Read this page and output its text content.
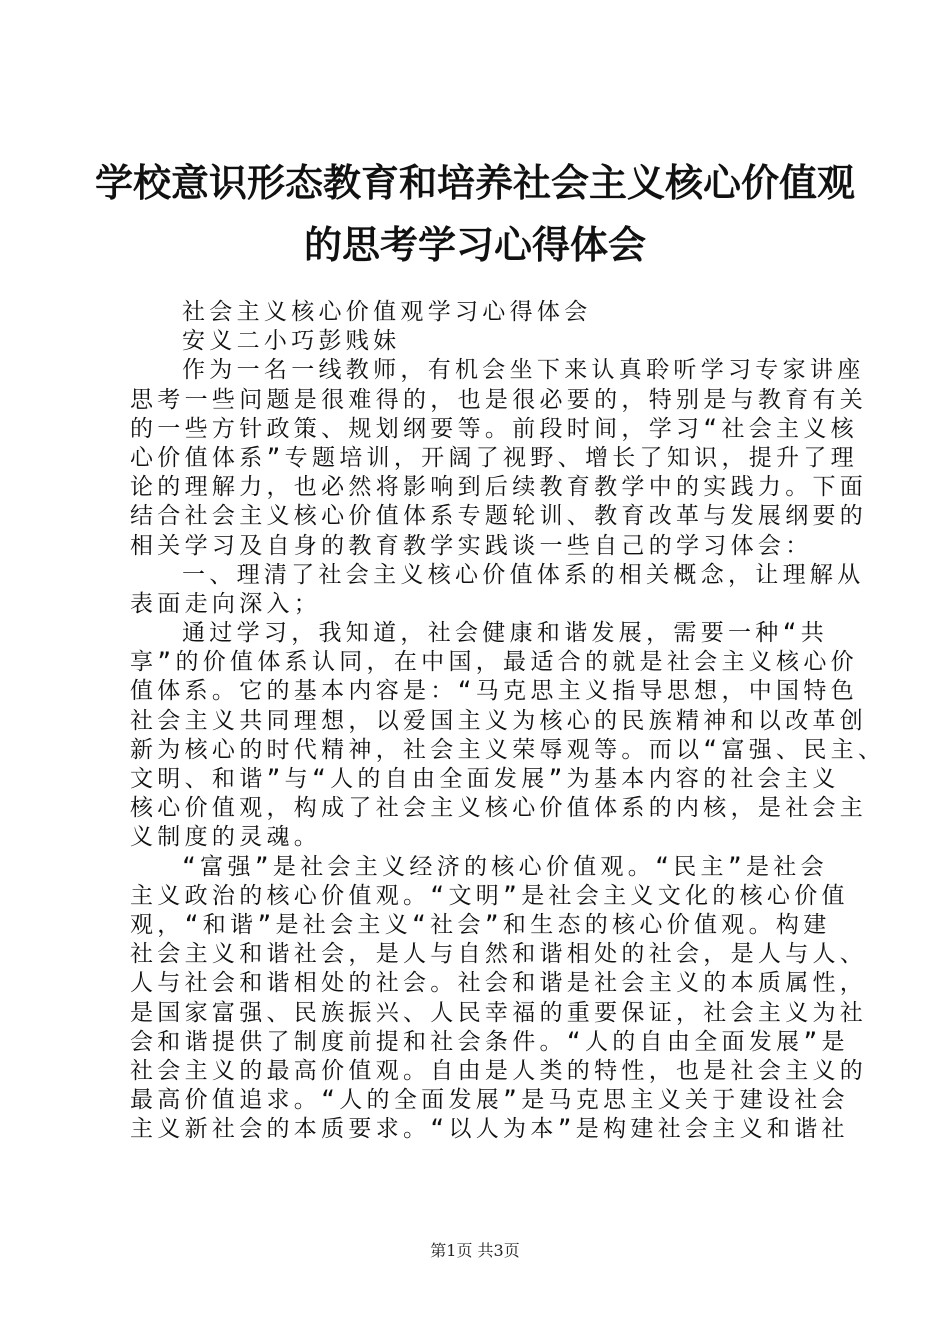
学校意识形态教育和培养社会主义核心价值观
的思考学习心得体会
社会主义核心价值观学习心得体会
安义二小巧彭贱妹
作为一名一线教师，有机会坐下来认真聆听学习专家讲座
思考一些问题是很难得的，也是很必要的，特别是与教育有关
的一些方针政策、规划纲要等。前段时间，学习“社会主义核
心价值体系”专题培训，开阔了视野、增长了知识，提升了理
论的理解力，也必然将影响到后续教育教学中的实践力。下面
结合社会主义核心价值体系专题轮训、教育改革与发展纲要的
相关学习及自身的教育教学实践谈一些自己的学习体会：
一、理清了社会主义核心价值体系的相关概念，让理解从
表面走向深入；
通过学习，我知道，社会健康和谐发展，需要一种“共
享”的价值体系认同，在中国，最适合的就是社会主义核心价
值体系。它的基本内容是：“马克思主义指导思想，中国特色
社会主义共同理想，以爱国主义为核心的民族精神和以改革创
新为核心的时代精神，社会主义荣辱观等。而以“富强、民主、
文明、和谐”与“人的自由全面发展”为基本内容的社会主义
核心价值观，构成了社会主义核心价值体系的内核，是社会主
义制度的灵魂。
“富强”是社会主义经济的核心价值观。“民主”是社会
主义政治的核心价值观。“文明”是社会主义文化的核心价值
观，“和谐”是社会主义“社会”和生态的核心价值观。构建
社会主义和谐社会，是人与自然和谐相处的社会，是人与人、
人与社会和谐相处的社会。社会和谐是社会主义的本质属性，
是国家富强、民族振兴、人民幸福的重要保证，社会主义为社
会和谐提供了制度前提和社会条件。“人的自由全面发展”是
社会主义的最高价值观。自由是人类的特性，也是社会主义的
最高价值追求。“人的全面发展”是马克思主义关于建设社会
主义新社会的本质要求。“以人为本”是构建社会主义和谐社
第1页 共3页
